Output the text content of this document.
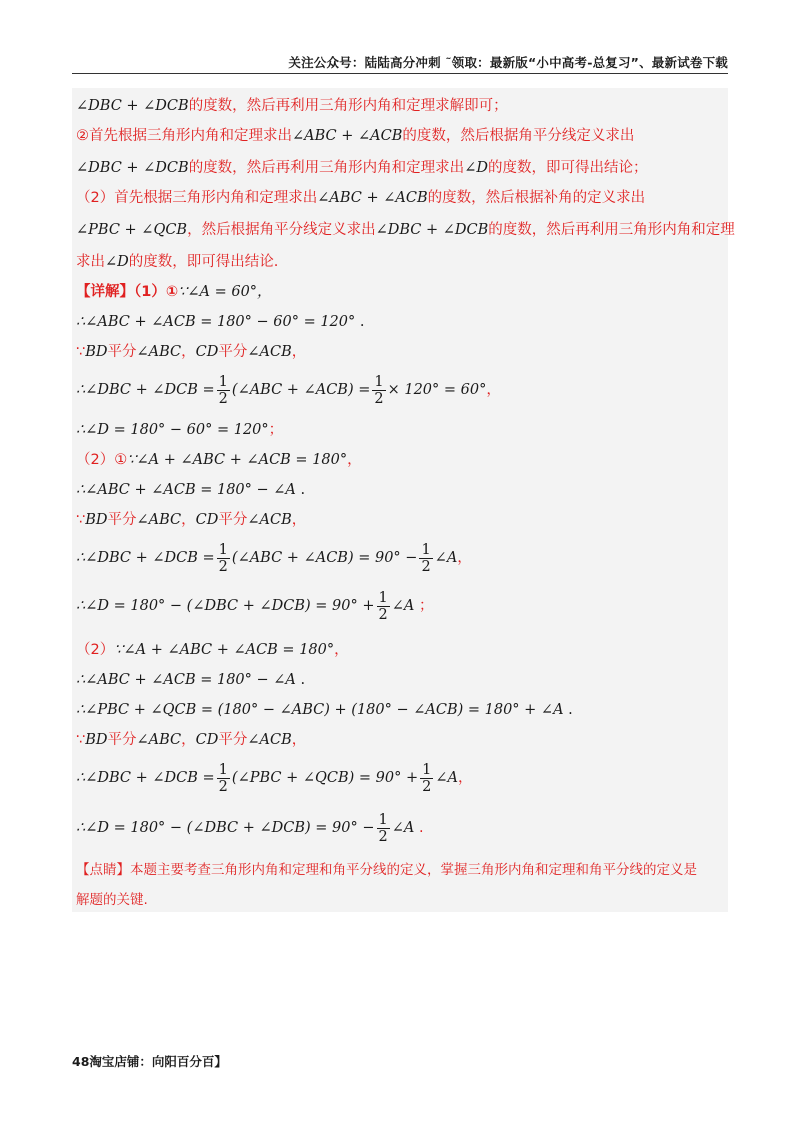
关注公众号：陆陆高分冲刺 ˜领取：最新版“小中高考-总复习”、最新试卷下载
∠DBC + ∠DCB的度数，然后再利用三角形内角和定理求解即可；
②首先根据三角形内角和定理求出∠ABC + ∠ACB的度数，然后根据角平分线定义求出
∠DBC + ∠DCB的度数，然后再利用三角形内角和定理求出∠D的度数，即可得出结论；
（2）首先根据三角形内角和定理求出∠ABC + ∠ACB的度数，然后根据补角的定义求出
∠PBC + ∠QCB，然后根据角平分线定义求出∠DBC + ∠DCB的度数，然后再利用三角形内角和定理
求出∠D的度数，即可得出结论.
【详解】（1）①∵∠A = 60°，
∴∠ABC + ∠ACB = 180° − 60° = 120° .
∵BD平分∠ABC，CD平分∠ACB，
∴∠DBC + ∠DCB = $\frac{1}{2}$ (∠ABC + ∠ACB) = $\frac{1}{2} \times 120^\circ = 60^\circ$，
∴∠D = 180° − 60° = 120°；
（2）①∵∠A + ∠ABC + ∠ACB = 180°，
∴∠ABC + ∠ACB = 180° − ∠A .
∵BD平分∠ABC，CD平分∠ACB，
∴∠DBC + ∠DCB = $\frac{1}{2}$ (∠ABC + ∠ACB) = $90^\circ - \frac{1}{2}$ ∠A，
∴∠D = 180° − (∠DBC + ∠DCB) = $90^\circ + \frac{1}{2}$ ∠A ；
（2）∵∠A + ∠ABC + ∠ACB = 180°，
∴∠ABC + ∠ACB = 180° − ∠A .
∴∠PBC + ∠QCB = (180° − ∠ABC) + (180° − ∠ACB) = 180° + ∠A .
∵BD平分∠ABC，CD平分∠ACB，
∴∠DBC + ∠DCB = $\frac{1}{2}$ (∠PBC + ∠QCB) = $90^\circ + \frac{1}{2}$ ∠A，
∴∠D = 180° − (∠DBC + ∠DCB) = $90^\circ - \frac{1}{2}$ ∠A .
【点睛】本题主要考查三角形内角和定理和角平分线的定义，掌握三角形内角和定理和角平分线的定义是
解题的关键.
48淘宝店铺：向阳百分百】
